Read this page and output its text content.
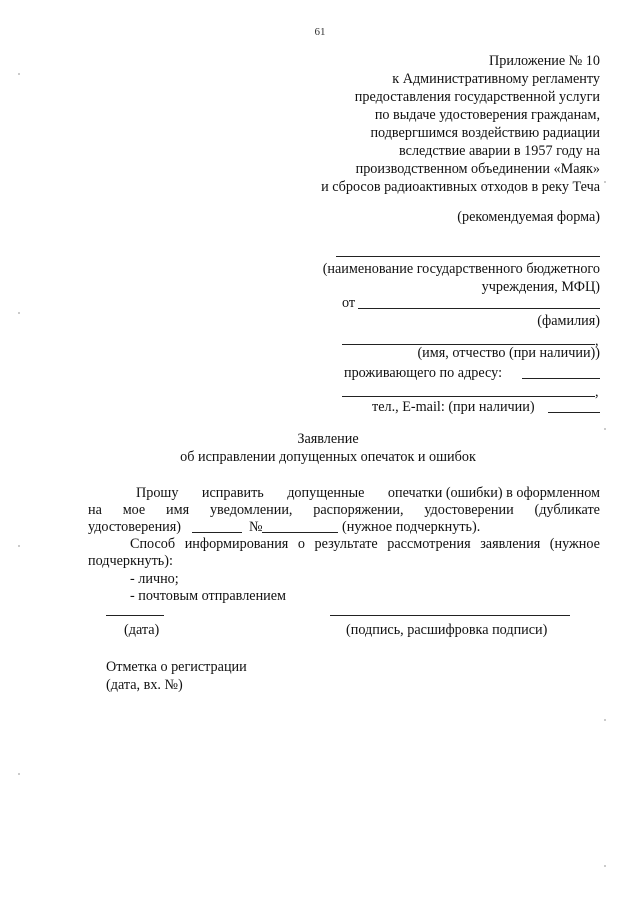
61
Приложение № 10
к Административному регламенту
предоставления государственной услуги
по выдаче удостоверения гражданам,
подвергшимся воздействию радиации
вследствие аварии в 1957 году на
производственном объединении «Маяк»
и сбросов радиоактивных отходов в реку Теча
(рекомендуемая форма)
(наименование государственного бюджетного
учреждения, МФЦ)
от
(фамилия)
,
(имя, отчество (при наличии))
проживающего по адресу:
,
тел., E-mail: (при наличии)
Заявление
об исправлении допущенных опечаток и ошибок
Прошу исправить допущенные опечатки (ошибки) в оформленном
на мое имя уведомлении, распоряжении, удостоверении (дубликате
удостоверения)	№	(нужное подчеркнуть).
Способ информирования о результате рассмотрения заявления (нужное
подчеркнуть):
- лично;
- почтовым отправлением
(дата)	(подпись, расшифровка подписи)
Отметка о регистрации
(дата, вх. №)
